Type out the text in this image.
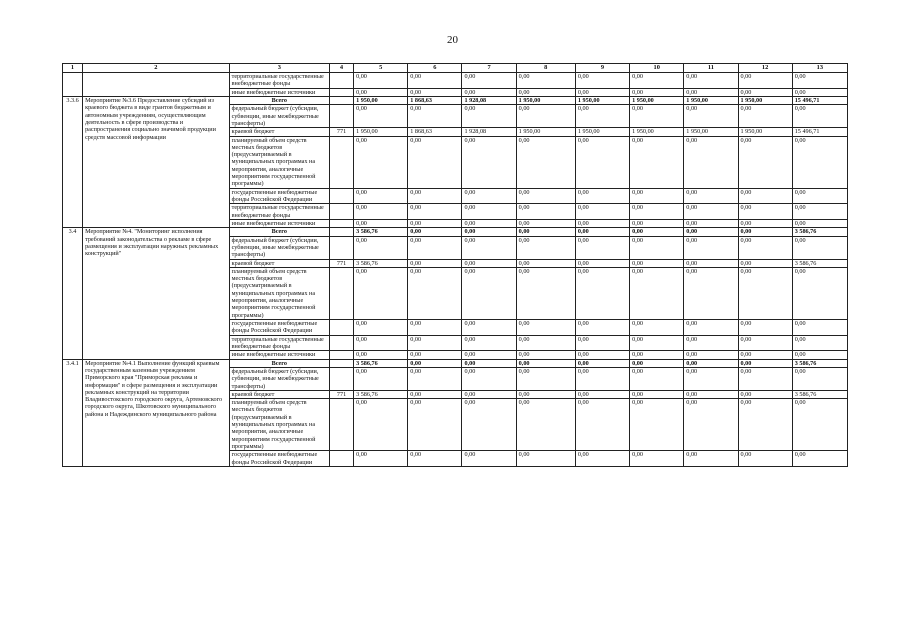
20
1	2	3	4	5	6	7	8	9	10	11	12	13
		территориальные государственные внебюджетные фонды		0,00	0,00	0,00	0,00	0,00	0,00	0,00	0,00	0,00
		иные внебюджетные источники		0,00	0,00	0,00	0,00	0,00	0,00	0,00	0,00	0,00
3.3.6	Мероприятие №3.6 Предоставление субсидий из краевого бюджета в виде грантов бюджетным и автономным учреждениям, осуществляющим деятельность в сфере производства и распространения социально значимой продукции средств массовой информации	Всего		1 950,00	1 868,63	1 928,08	1 950,00	1 950,00	1 950,00	1 950,00	1 950,00	15 496,71
		федеральный бюджет (субсидии, субвенции, иные межбюджетные трансферты)		0,00	0,00	0,00	0,00	0,00	0,00	0,00	0,00	0,00
		краевой бюджет	771	1 950,00	1 868,63	1 928,08	1 950,00	1 950,00	1 950,00	1 950,00	1 950,00	15 496,71
		планируемый объем средств местных бюджетов (предусматриваемый в муниципальных программах на мероприятия, аналогичные мероприятиям государственной программы)		0,00	0,00	0,00	0,00	0,00	0,00	0,00	0,00	0,00
		государственные внебюджетные фонды Российской Федерации		0,00	0,00	0,00	0,00	0,00	0,00	0,00	0,00	0,00
		территориальные государственные внебюджетные фонды		0,00	0,00	0,00	0,00	0,00	0,00	0,00	0,00	0,00
		иные внебюджетные источники		0,00	0,00	0,00	0,00	0,00	0,00	0,00	0,00	0,00
3.4	Мероприятие №4. "Мониторинг исполнения требований законодательства о рекламе в сфере размещения и эксплуатации наружных рекламных конструкций"	Всего		3 586,76	0,00	0,00	0,00	0,00	0,00	0,00	0,00	3 586,76
		федеральный бюджет (субсидии, субвенции, иные межбюджетные трансферты)		0,00	0,00	0,00	0,00	0,00	0,00	0,00	0,00	0,00
		краевой бюджет	771	3 586,76	0,00	0,00	0,00	0,00	0,00	0,00	0,00	3 586,76
		планируемый объем средств местных бюджетов (предусматриваемый в муниципальных программах на мероприятия, аналогичные мероприятиям государственной программы)		0,00	0,00	0,00	0,00	0,00	0,00	0,00	0,00	0,00
		государственные внебюджетные фонды Российской Федерации		0,00	0,00	0,00	0,00	0,00	0,00	0,00	0,00	0,00
		территориальные государственные внебюджетные фонды		0,00	0,00	0,00	0,00	0,00	0,00	0,00	0,00	0,00
		иные внебюджетные источники		0,00	0,00	0,00	0,00	0,00	0,00	0,00	0,00	0,00
3.4.1	Мероприятие №4.1 Выполнение функций краевым государственным казенным учреждением Приморского края "Приморская реклама и информация" в сфере размещения и эксплуатации рекламных конструкций на территории Владивостокского городского округа, Артемовского городского округа, Шкотовского муниципального района и Надеждинского муниципального района	Всего		3 586,76	0,00	0,00	0,00	0,00	0,00	0,00	0,00	3 586,76
		федеральный бюджет (субсидии, субвенции, иные межбюджетные трансферты)		0,00	0,00	0,00	0,00	0,00	0,00	0,00	0,00	0,00
		краевой бюджет	771	3 586,76	0,00	0,00	0,00	0,00	0,00	0,00	0,00	3 586,76
		планируемый объем средств местных бюджетов (предусматриваемый в муниципальных программах на мероприятия, аналогичные мероприятиям государственной программы)		0,00	0,00	0,00	0,00	0,00	0,00	0,00	0,00	0,00
		государственные внебюджетные фонды Российской Федерации		0,00	0,00	0,00	0,00	0,00	0,00	0,00	0,00	0,00
